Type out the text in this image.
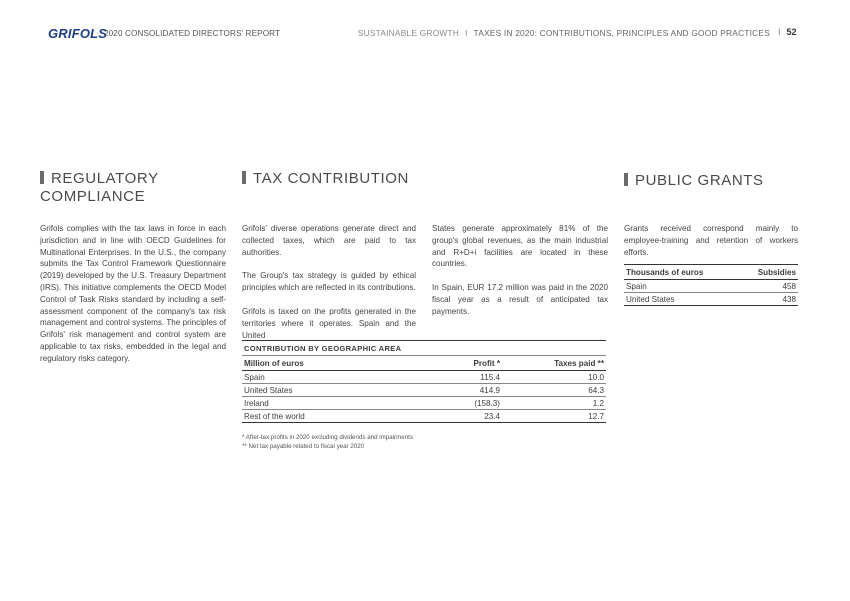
GRIFOLS
2020 CONSOLIDATED DIRECTORS' REPORT	SUSTAINABLE GROWTH I TAXES IN 2020: CONTRIBUTIONS, PRINCIPLES AND GOOD PRACTICES I 52
REGULATORY
COMPLIANCE

Grifols complies with the tax laws in force in each jurisdiction and in line with OECD Guidelines for Multinational Enterprises. In the U.S., the company submits the Tax Control Framework Questionnaire (2019) developed by the U.S. Treasury Department (IRS). This initiative complements the OECD Model Control of Task Risks standard by including a self-assessment component of the company's tax risk management and control systems. The principles of Grifols' risk management and control system are applicable to tax risks, embedded in the legal and regulatory risks category.

TAX CONTRIBUTION

Grifols' diverse operations generate direct and collected taxes, which are paid to tax authorities.

The Group's tax strategy is guided by ethical principles which are reflected in its contributions.

Grifols is taxed on the profits generated in the territories where it operates. Spain and the United

States generate approximately 81% of the group's global revenues, as the main industrial and R+D+i facilities are located in these countries.

In Spain, EUR 17.2 million was paid in the 2020 fiscal year as a result of anticipated tax payments.

CONTRIBUTION BY GEOGRAPHIC AREA		
Million of euros	Profit *	Taxes paid **
Spain	115.4	10.0
United States	414.9	64.3
Ireland	(158.3)	1.2
Rest of the world	23.4	12.7
* After-tax profits in 2020 excluding dividends and impairments
** Net tax payable related to fiscal year 2020
PUBLIC GRANTS

Grants received correspond mainly to employee-training and retention of workers efforts.

Thousands of euros	Subsidies
Spain	458
United States	438
